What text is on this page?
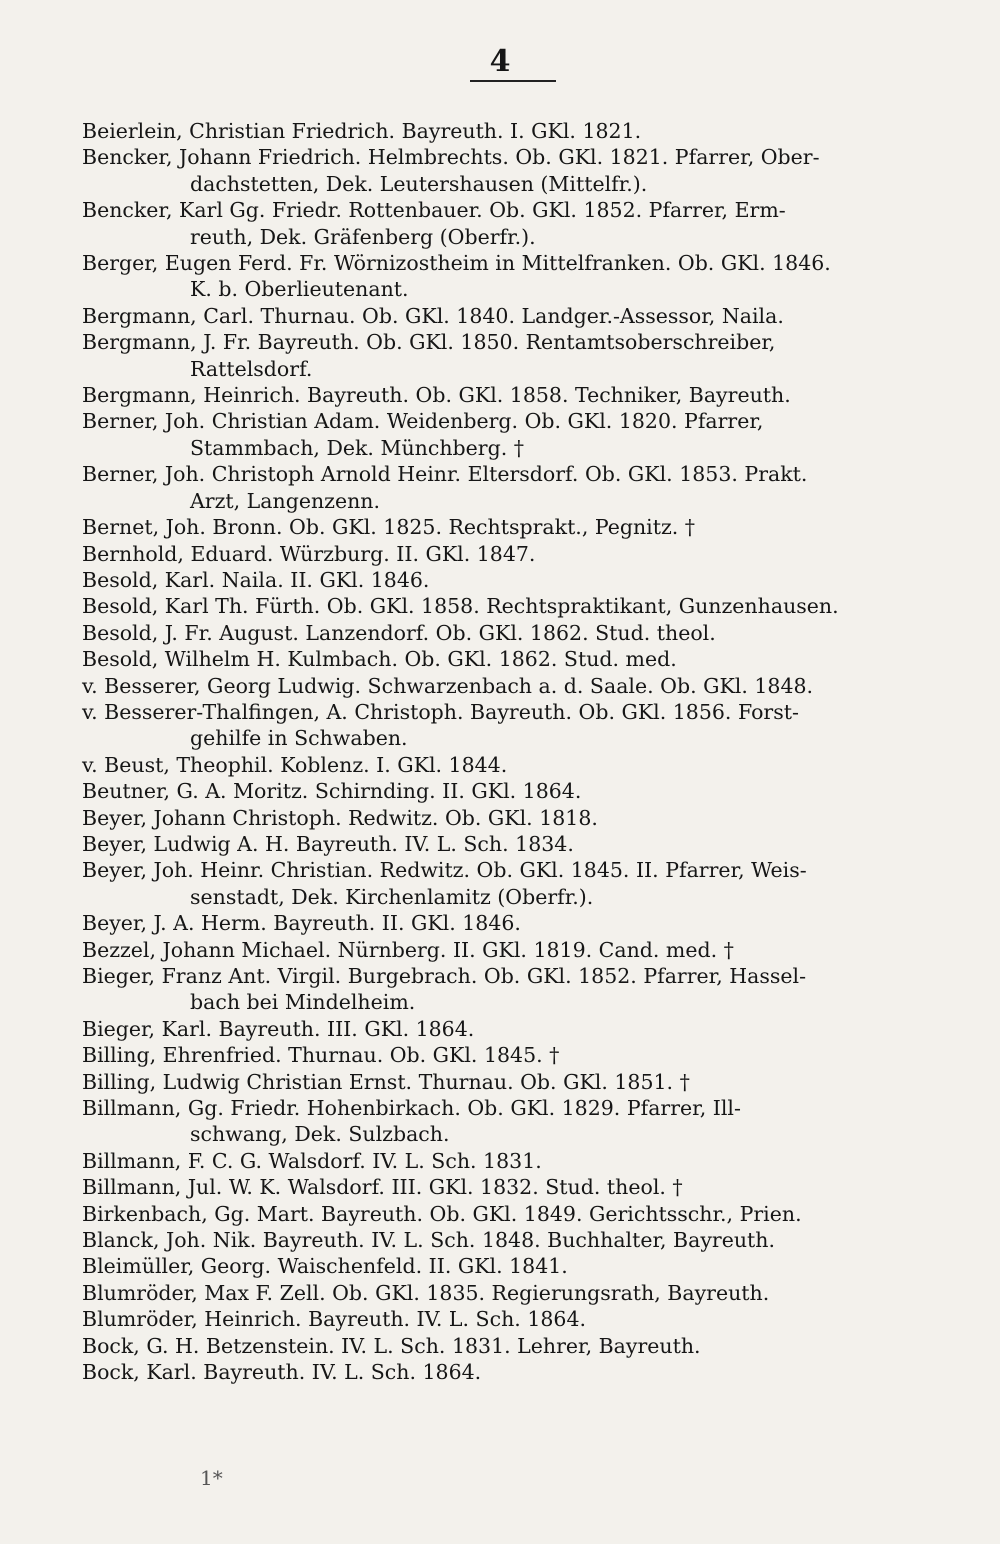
4
Beierlein, Christian Friedrich. Bayreuth. I. GKl. 1821.
Bencker, Johann Friedrich. Helmbrechts. Ob. GKl. 1821. Pfarrer, Ober-
dachstetten, Dek. Leutershausen (Mittelfr.).
Bencker, Karl Gg. Friedr. Rottenbauer. Ob. GKl. 1852. Pfarrer, Erm-
reuth, Dek. Gräfenberg (Oberfr.).
Berger, Eugen Ferd. Fr. Wörnizostheim in Mittelfranken. Ob. GKl. 1846.
K. b. Oberlieutenant.
Bergmann, Carl. Thurnau. Ob. GKl. 1840. Landger.-Assessor, Naila.
Bergmann, J. Fr. Bayreuth. Ob. GKl. 1850. Rentamtsoberschreiber,
Rattelsdorf.
Bergmann, Heinrich. Bayreuth. Ob. GKl. 1858. Techniker, Bayreuth.
Berner, Joh. Christian Adam. Weidenberg. Ob. GKl. 1820. Pfarrer,
Stammbach, Dek. Münchberg. †
Berner, Joh. Christoph Arnold Heinr. Eltersdorf. Ob. GKl. 1853. Prakt.
Arzt, Langenzenn.
Bernet, Joh. Bronn. Ob. GKl. 1825. Rechtsprakt., Pegnitz. †
Bernhold, Eduard. Würzburg. II. GKl. 1847.
Besold, Karl. Naila. II. GKl. 1846.
Besold, Karl Th. Fürth. Ob. GKl. 1858. Rechtspraktikant, Gunzenhausen.
Besold, J. Fr. August. Lanzendorf. Ob. GKl. 1862. Stud. theol.
Besold, Wilhelm H. Kulmbach. Ob. GKl. 1862. Stud. med.
v. Besserer, Georg Ludwig. Schwarzenbach a. d. Saale. Ob. GKl. 1848.
v. Besserer-Thalfingen, A. Christoph. Bayreuth. Ob. GKl. 1856. Forst-
gehilfe in Schwaben.
v. Beust, Theophil. Koblenz. I. GKl. 1844.
Beutner, G. A. Moritz. Schirnding. II. GKl. 1864.
Beyer, Johann Christoph. Redwitz. Ob. GKl. 1818.
Beyer, Ludwig A. H. Bayreuth. IV. L. Sch. 1834.
Beyer, Joh. Heinr. Christian. Redwitz. Ob. GKl. 1845. II. Pfarrer, Weis-
senstadt, Dek. Kirchenlamitz (Oberfr.).
Beyer, J. A. Herm. Bayreuth. II. GKl. 1846.
Bezzel, Johann Michael. Nürnberg. II. GKl. 1819. Cand. med. †
Bieger, Franz Ant. Virgil. Burgebrach. Ob. GKl. 1852. Pfarrer, Hassel-
bach bei Mindelheim.
Bieger, Karl. Bayreuth. III. GKl. 1864.
Billing, Ehrenfried. Thurnau. Ob. GKl. 1845. †
Billing, Ludwig Christian Ernst. Thurnau. Ob. GKl. 1851. †
Billmann, Gg. Friedr. Hohenbirkach. Ob. GKl. 1829. Pfarrer, Ill-
schwang, Dek. Sulzbach.
Billmann, F. C. G. Walsdorf. IV. L. Sch. 1831.
Billmann, Jul. W. K. Walsdorf. III. GKl. 1832. Stud. theol. †
Birkenbach, Gg. Mart. Bayreuth. Ob. GKl. 1849. Gerichtsschr., Prien.
Blanck, Joh. Nik. Bayreuth. IV. L. Sch. 1848. Buchhalter, Bayreuth.
Bleimüller, Georg. Waischenfeld. II. GKl. 1841.
Blumröder, Max F. Zell. Ob. GKl. 1835. Regierungsrath, Bayreuth.
Blumröder, Heinrich. Bayreuth. IV. L. Sch. 1864.
Bock, G. H. Betzenstein. IV. L. Sch. 1831. Lehrer, Bayreuth.
Bock, Karl. Bayreuth. IV. L. Sch. 1864.
1*
